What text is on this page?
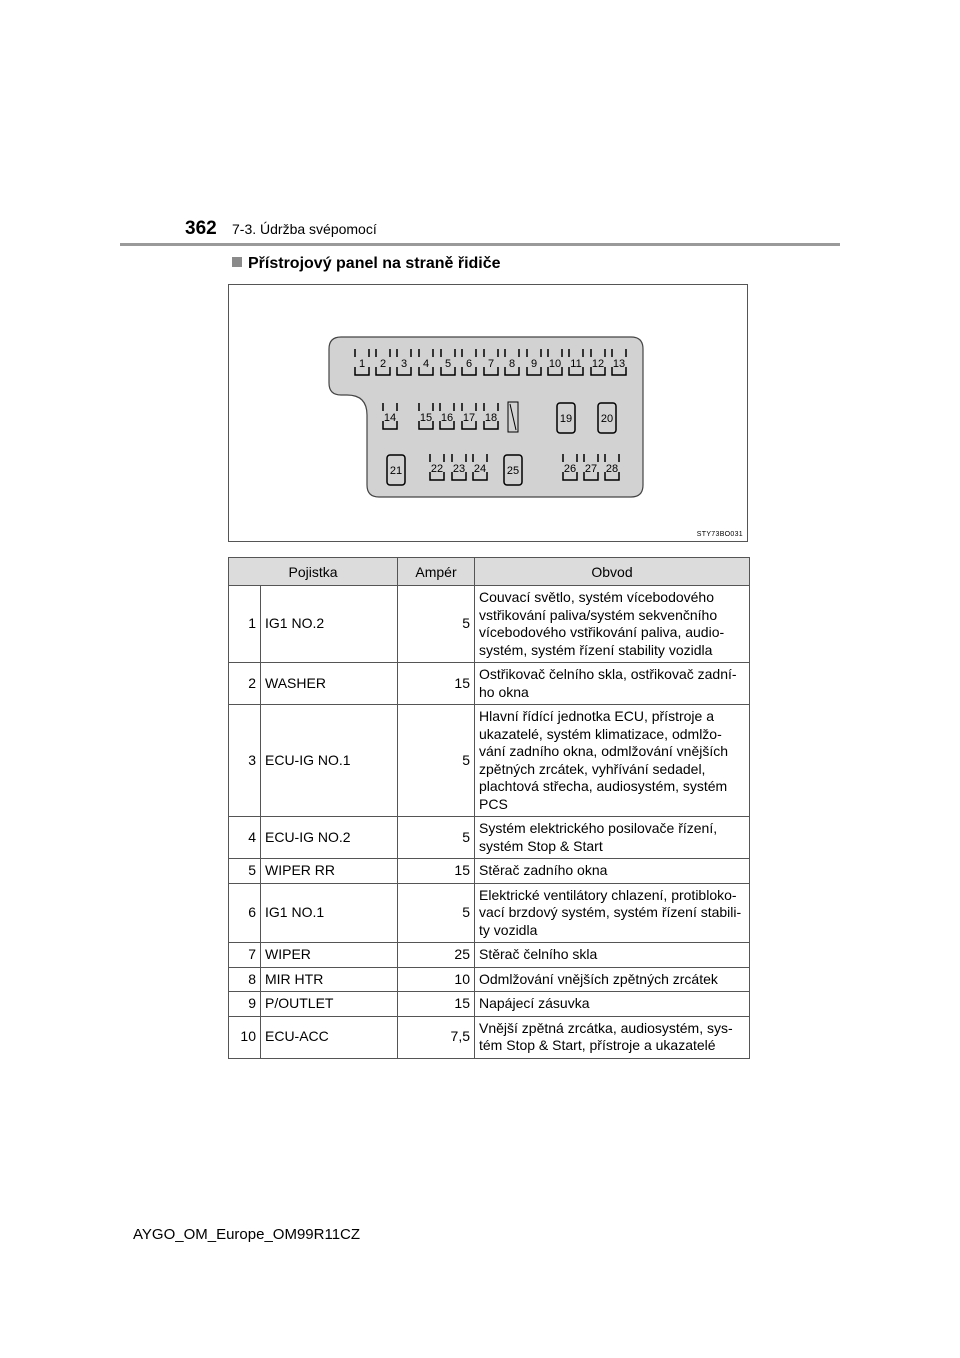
362 7-3. Údržba svépomocí
Přístrojový panel na straně řidiče
1 2 3 4 5 6 7 8 9 10 11 12 13
14 15 16 17 18	19	20
21	22 23 24 25	26 27 28
STY73BO031
Pojistka		Ampér	Obvod
1	IG1 NO.2	5	Couvací světlo, systém vícebodového vstřikování paliva/systém sekvenčního vícebodového vstřikování paliva, audio-systém, systém řízení stability vozidla
2	WASHER	15	Ostřikovač čelního skla, ostřikovač zadní-ho okna
3	ECU-IG NO.1	5	Hlavní řídící jednotka ECU, přístroje a ukazatelé, systém klimatizace, odmlžo-vání zadního okna, odmlžování vnějších zpětných zrcátek, vyhřívání sedadel, plachtová střecha, audiosystém, systém PCS
4	ECU-IG NO.2	5	Systém elektrického posilovače řízení, systém Stop & Start
5	WIPER RR	15	Stěrač zadního okna
6	IG1 NO.1	5	Elektrické ventilátory chlazení, protibloko-vací brzdový systém, systém řízení stabili-ty vozidla
7	WIPER	25	Stěrač čelního skla
8	MIR HTR	10	Odmlžování vnějších zpětných zrcátek
9	P/OUTLET	15	Napájecí zásuvka
10	ECU-ACC	7,5	Vnější zpětná zrcátka, audiosystém, sys-tém Stop & Start, přístroje a ukazatelé
AYGO_OM_Europe_OM99R11CZ
